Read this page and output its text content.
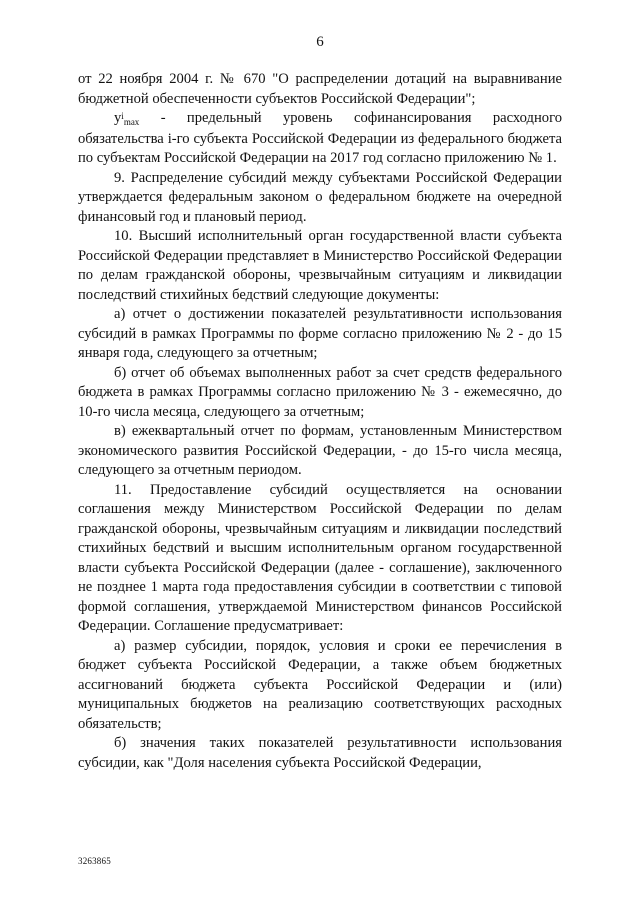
6

от 22 ноября 2004 г. № 670 "О распределении дотаций на выравнивание бюджетной обеспеченности субъектов Российской Федерации";

$y^i_{max}$ - предельный уровень софинансирования расходного обязательства i-го субъекта Российской Федерации из федерального бюджета по субъектам Российской Федерации на 2017 год согласно приложению № 1.

9. Распределение субсидий между субъектами Российской Федерации утверждается федеральным законом о федеральном бюджете на очередной финансовый год и плановый период.

10. Высший исполнительный орган государственной власти субъекта Российской Федерации представляет в Министерство Российской Федерации по делам гражданской обороны, чрезвычайным ситуациям и ликвидации последствий стихийных бедствий следующие документы:

а) отчет о достижении показателей результативности использования субсидий в рамках Программы по форме согласно приложению № 2 - до 15 января года, следующего за отчетным;

б) отчет об объемах выполненных работ за счет средств федерального бюджета в рамках Программы согласно приложению № 3 - ежемесячно, до 10-го числа месяца, следующего за отчетным;

в) ежеквартальный отчет по формам, установленным Министерством экономического развития Российской Федерации, - до 15-го числа месяца, следующего за отчетным периодом.

11. Предоставление субсидий осуществляется на основании соглашения между Министерством Российской Федерации по делам гражданской обороны, чрезвычайным ситуациям и ликвидации последствий стихийных бедствий и высшим исполнительным органом государственной власти субъекта Российской Федерации (далее - соглашение), заключенного не позднее 1 марта года предоставления субсидии в соответствии с типовой формой соглашения, утверждаемой Министерством финансов Российской Федерации. Соглашение предусматривает:

а) размер субсидии, порядок, условия и сроки ее перечисления в бюджет субъекта Российской Федерации, а также объем бюджетных ассигнований бюджета субъекта Российской Федерации и (или) муниципальных бюджетов на реализацию соответствующих расходных обязательств;

б) значения таких показателей результативности использования субсидии, как "Доля населения субъекта Российской Федерации,

3263865
